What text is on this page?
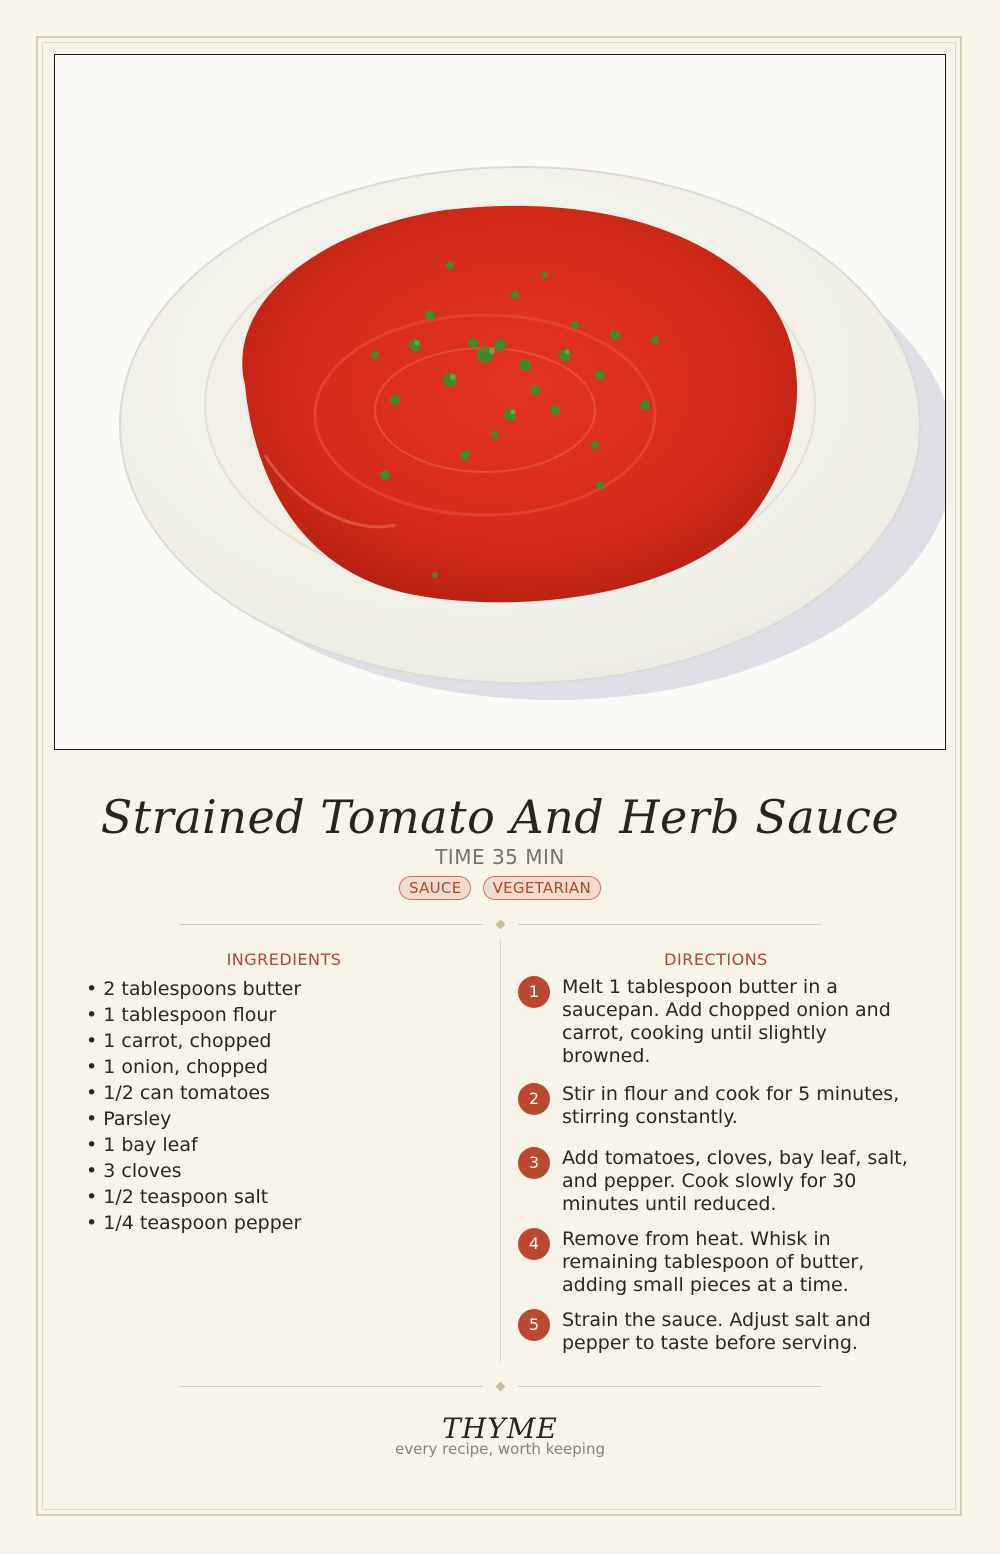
Strained Tomato And Herb Sauce
TIME 35 MIN
SAUCE VEGETARIAN
INGREDIENTS	DIRECTIONS
• 2 tablespoons butter
• 1 tablespoon flour
• 1 carrot, chopped
• 1 onion, chopped
• 1/2 can tomatoes
• Parsley
• 1 bay leaf
• 3 cloves
• 1/2 teaspoon salt
• 1/4 teaspoon pepper
1	Melt 1 tablespoon butter in a saucepan. Add chopped onion and carrot, cooking until slightly browned.
2	Stir in flour and cook for 5 minutes, stirring constantly.
3	Add tomatoes, cloves, bay leaf, salt, and pepper. Cook slowly for 30 minutes until reduced.
4	Remove from heat. Whisk in remaining tablespoon of butter, adding small pieces at a time.
5	Strain the sauce. Adjust salt and pepper to taste before serving.
THYME
every recipe, worth keeping
